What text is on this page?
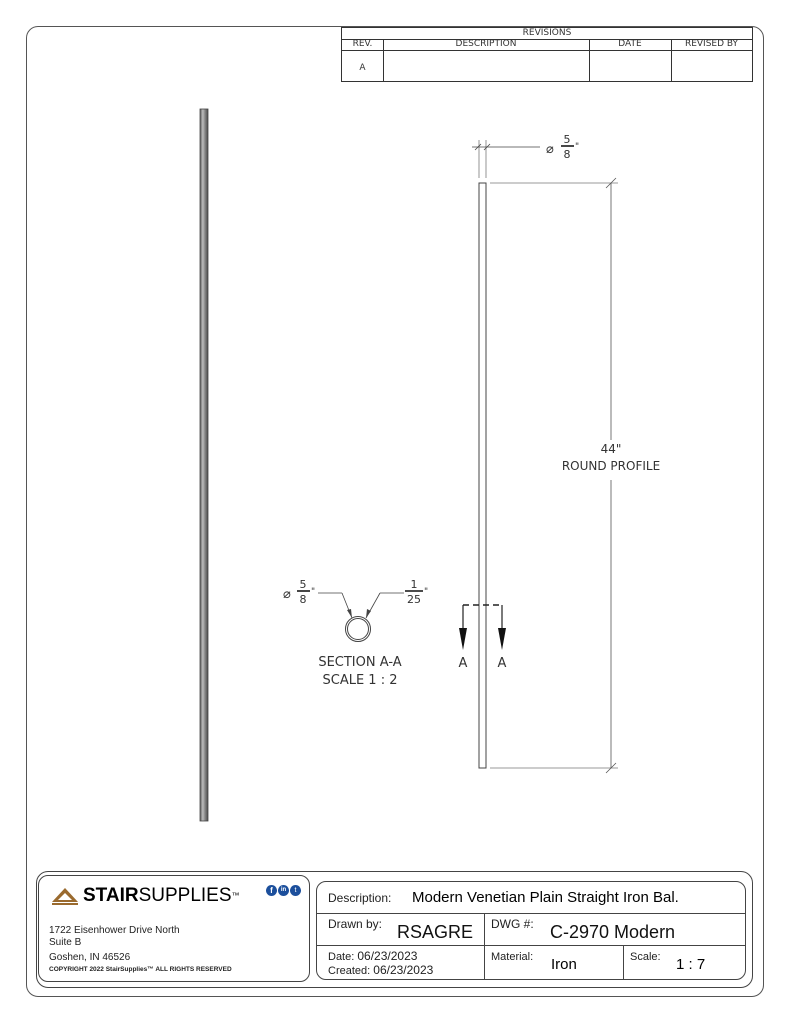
REVISIONS
REV.	DESCRIPTION	DATE	REVISED BY
A
⌀
5
8
"
44"
ROUND PROFILE
A A
⌀
5
8
"
1
25
"
SECTION A-A
SCALE 1 : 2
STAIRSUPPLIES™
f	in	t
1722 Eisenhower Drive North
Suite B
Goshen, IN 46526
COPYRIGHT 2022 StairSupplies™ ALL RIGHTS RESERVED
Description: Modern Venetian Plain Straight Iron Bal.
Drawn by: RSAGRE DWG #: C-2970 Modern
Date: 06/23/2023
Created: 06/23/2023
Material: Iron	Scale: 1 : 7
